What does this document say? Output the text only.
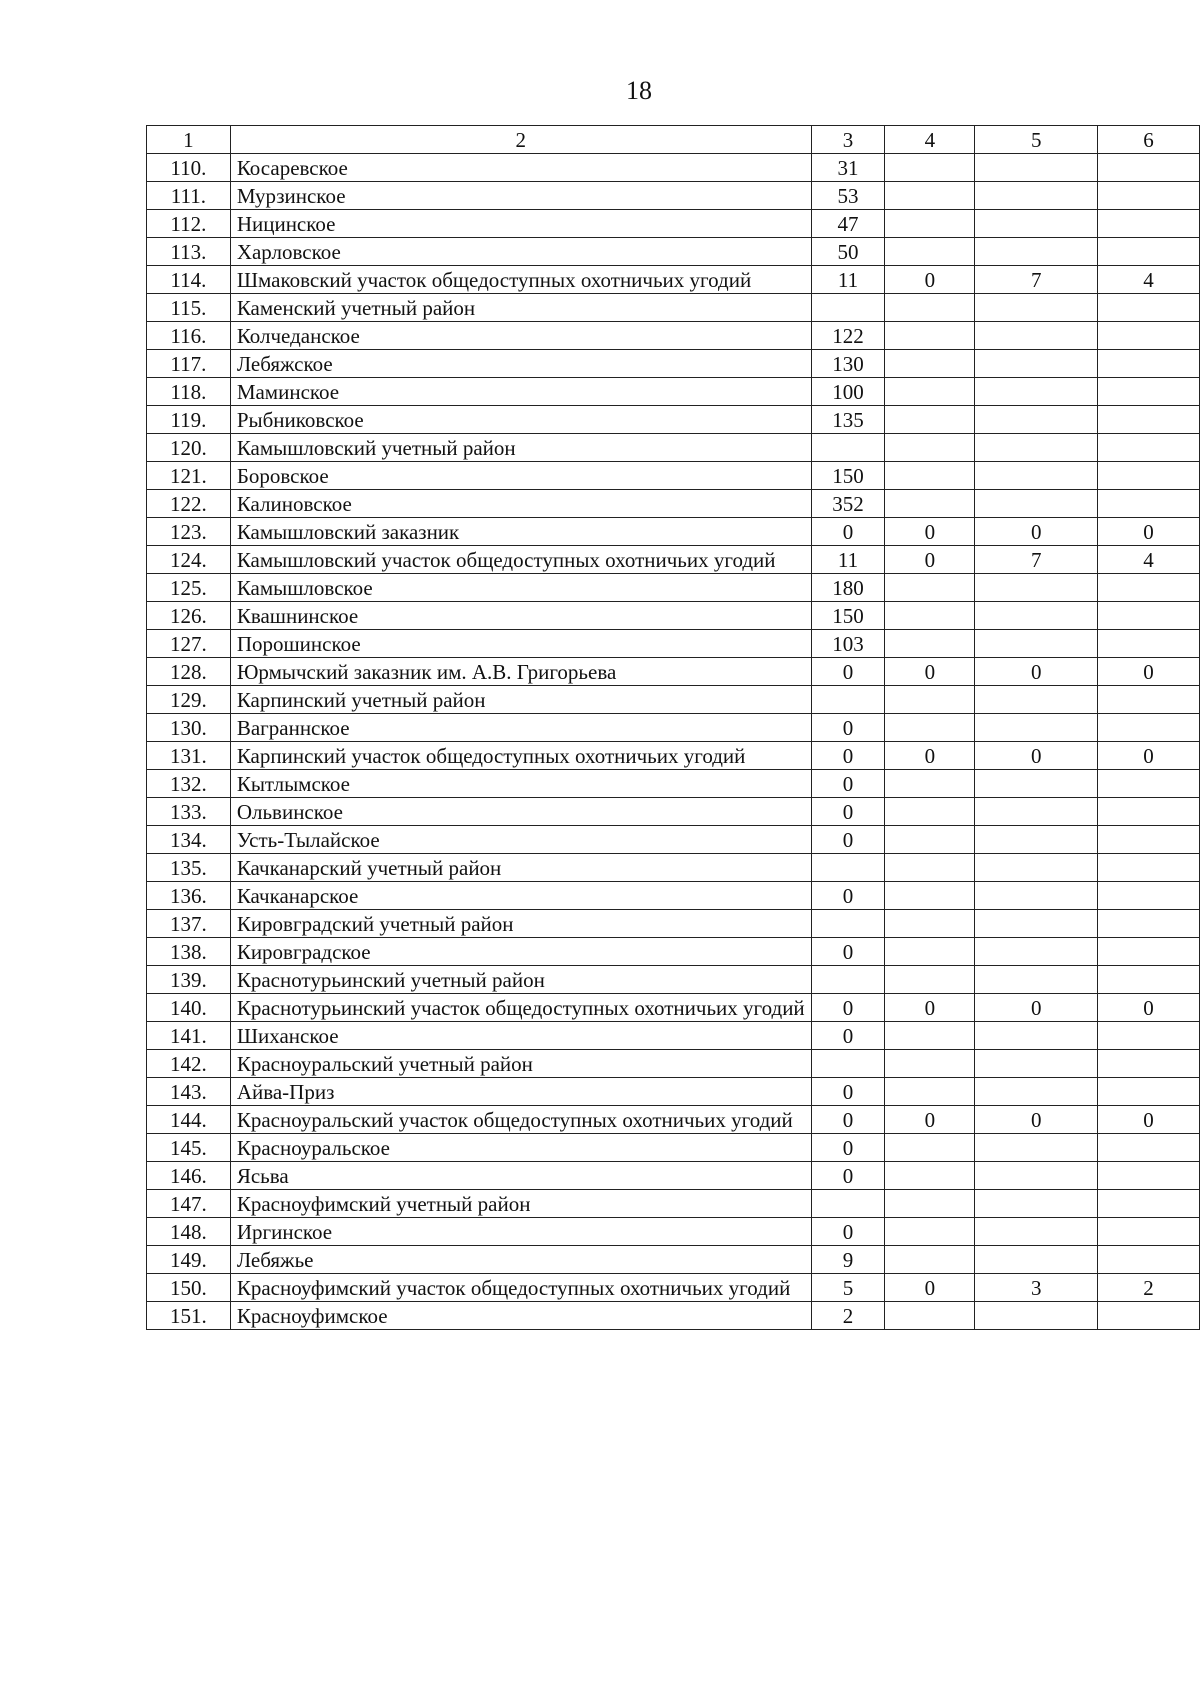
18
1	2	3	4	5	6
110.	Косаревское	31			
111.	Мурзинское	53			
112.	Ницинское	47			
113.	Харловское	50			
114.	Шмаковский участок общедоступных охотничьих угодий	11	0	7	4
115.	Каменский учетный район				
116.	Колчеданское	122			
117.	Лебяжское	130			
118.	Маминское	100			
119.	Рыбниковское	135			
120.	Камышловский учетный район				
121.	Боровское	150			
122.	Калиновское	352			
123.	Камышловский заказник	0	0	0	0
124.	Камышловский участок общедоступных охотничьих угодий	11	0	7	4
125.	Камышловское	180			
126.	Квашнинское	150			
127.	Порошинское	103			
128.	Юрмычский заказник им. А.В. Григорьева	0	0	0	0
129.	Карпинский учетный район				
130.	Ваграннское	0			
131.	Карпинский участок общедоступных охотничьих угодий	0	0	0	0
132.	Кытлымское	0			
133.	Ольвинское	0			
134.	Усть-Тылайское	0			
135.	Качканарский учетный район				
136.	Качканарское	0			
137.	Кировградский учетный район				
138.	Кировградское	0			
139.	Краснотурьинский учетный район				
140.	Краснотурьинский участок общедоступных охотничьих угодий	0	0	0	0
141.	Шиханское	0			
142.	Красноуральский учетный район				
143.	Айва-Приз	0			
144.	Красноуральский участок общедоступных охотничьих угодий	0	0	0	0
145.	Красноуральское	0			
146.	Ясьва	0			
147.	Красноуфимский учетный район				
148.	Иргинское	0			
149.	Лебяжье	9			
150.	Красноуфимский участок общедоступных охотничьих угодий	5	0	3	2
151.	Красноуфимское	2			
